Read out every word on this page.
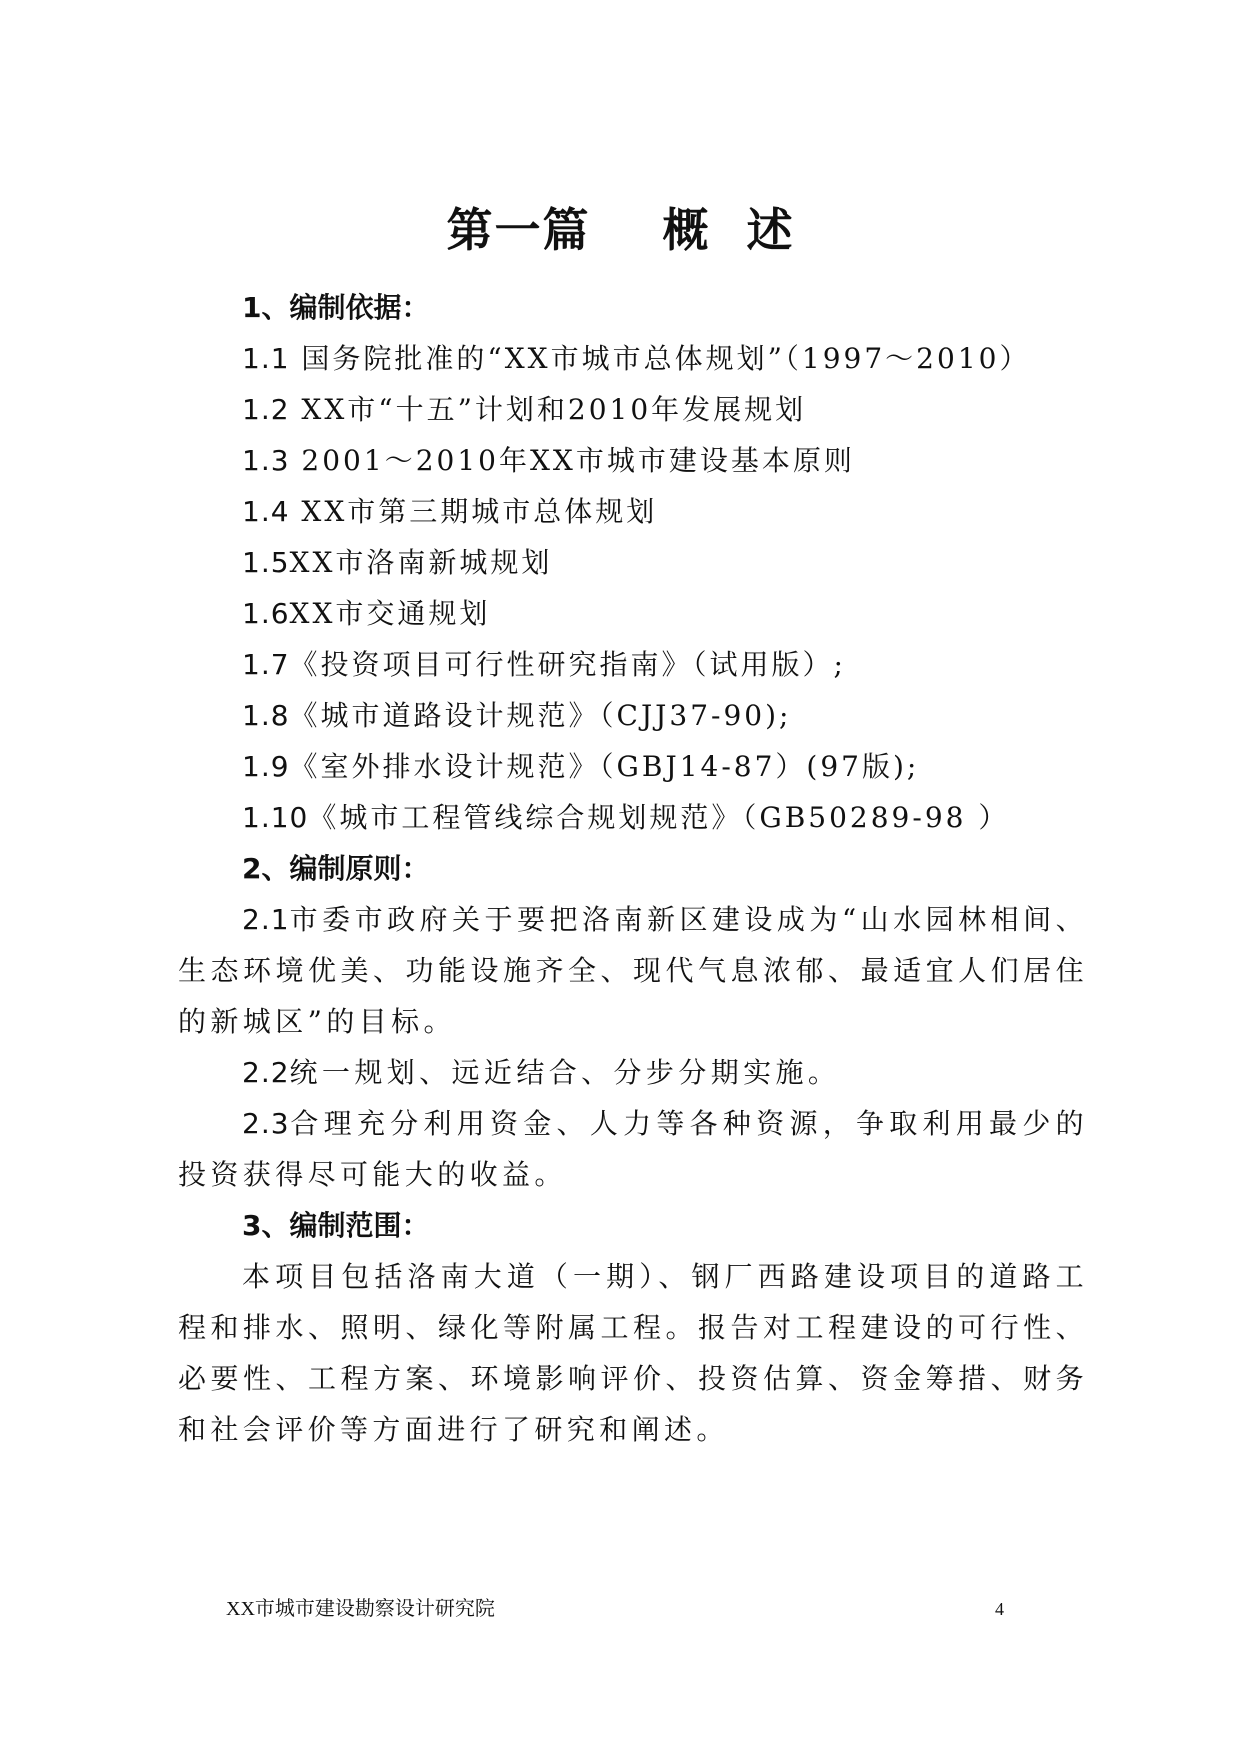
第一篇    概  述
1、编制依据：
1.1 国务院批准的“XX市城市总体规划”（1997～2010）
1.2 XX市“十五”计划和2010年发展规划
1.3 2001～2010年XX市城市建设基本原则
1.4 XX市第三期城市总体规划
1.5XX市洛南新城规划
1.6XX市交通规划
1.7《投资项目可行性研究指南》（试用版）;
1.8《城市道路设计规范》（CJJ37-90);
1.9《室外排水设计规范》（GBJ14-87）(97版);
1.10《城市工程管线综合规划规范》（GB50289-98 ）
2、编制原则：

2.1市委市政府关于要把洛南新区建设成为“山水园林相间、生态环境优美、功能设施齐全、现代气息浓郁、最适宜人们居住的新城区”的目标。

2.2统一规划、远近结合、分步分期实施。

2.3合理充分利用资金、人力等各种资源，争取利用最少的投资获得尽可能大的收益。

3、编制范围：

本项目包括洛南大道（一期）、钢厂西路建设项目的道路工程和排水、照明、绿化等附属工程。报告对工程建设的可行性、必要性、工程方案、环境影响评价、投资估算、资金筹措、财务和社会评价等方面进行了研究和阐述。

XX市城市建设勘察设计研究院	4
